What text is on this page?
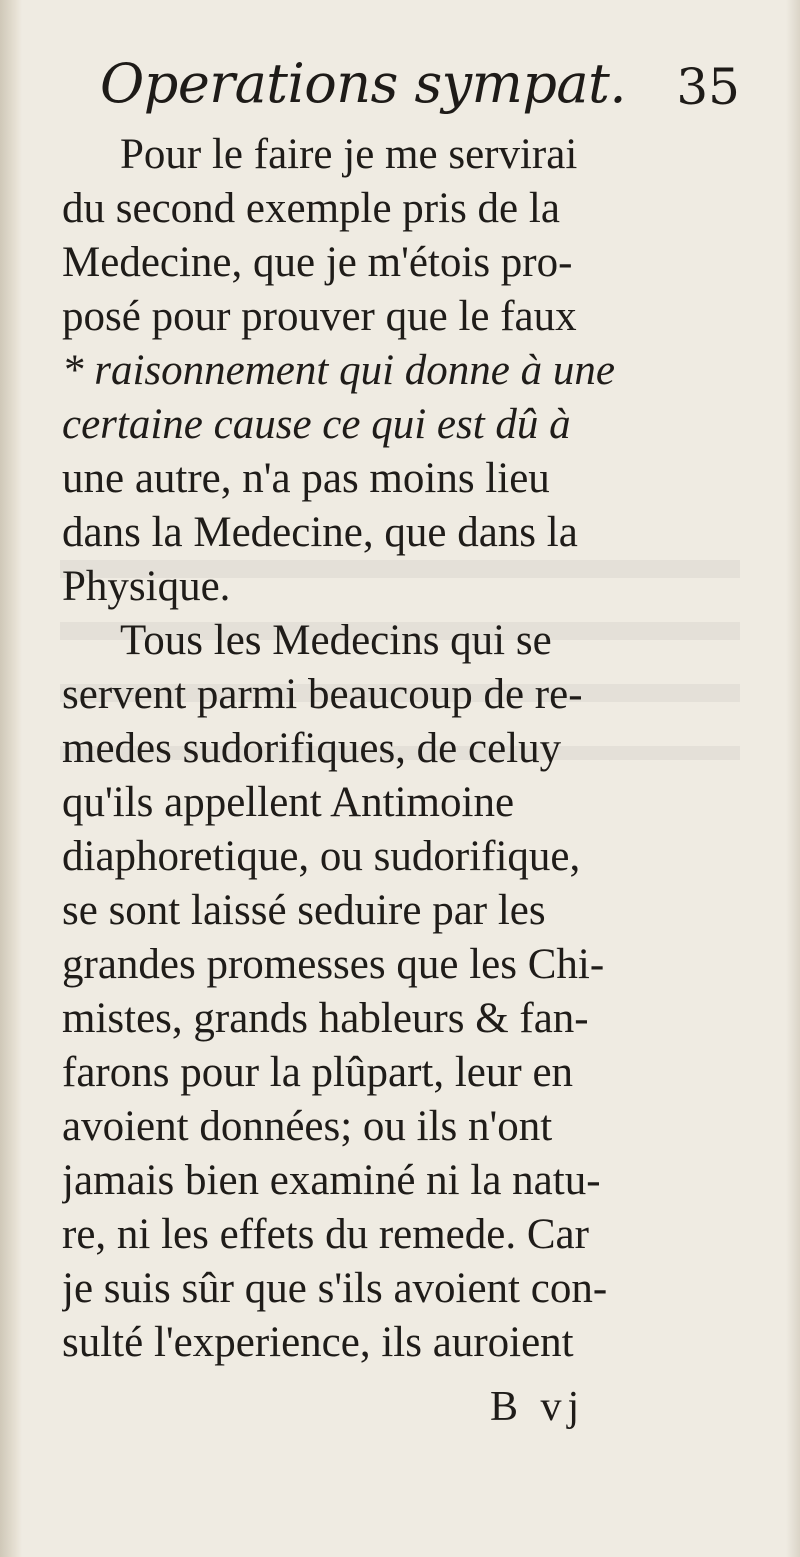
Operations sympat. 35
Pour le faire je me servirai
du second exemple pris de la
Medecine, que je m'étois pro-
posé pour prouver que le faux
* raisonnement qui donne à une
certaine cause ce qui est dû à
une autre, n'a pas moins lieu
dans la Medecine, que dans la
Physique.
Tous les Medecins qui se
servent parmi beaucoup de re-
medes sudorifiques, de celuy
qu'ils appellent Antimoine
diaphoretique, ou sudorifique,
se sont laissé seduire par les
grandes promesses que les Chi-
mistes, grands hableurs & fan-
farons pour la plûpart, leur en
avoient données; ou ils n'ont
jamais bien examiné ni la natu-
re, ni les effets du remede. Car
je suis sûr que s'ils avoient con-
sulté l'experience, ils auroient
B vj
